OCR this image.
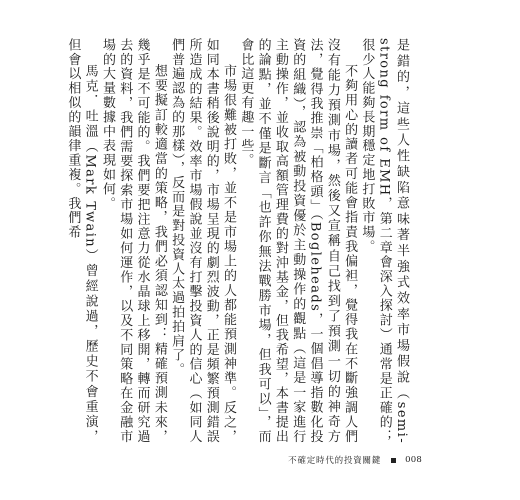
是錯的，這些人性缺陷意味著半強式效率市場假說（semi-strong form of EMH，第二章會深入探討）通常是正確的；很少人能夠長期穩定地打敗市場。

不夠用心的讀者可能會指責我偏袒，覺得我在不斷強調人們沒有能力預測市場，然後又宣稱自己找到了預測一切的神奇方法，覺得我推崇「柏格頭」（Bogleheads，一個倡導指數化投資的組織），認為被動投資優於主動操作的觀點（這是一家進行主動操作，並收取高額管理費的對沖基金，但我希望，本書提出的論點，並不僅是斷言「也許你無法戰勝市場，但我可以」，而會比這更有趣一些。

市場很難被打敗，並不是市場上的人都能預測神準。反之，如同本書稍後說明的，市場呈現的劇烈波動，正是頻繁預測錯誤所造成的結果。效率市場假說並沒有打擊投資人的信心（如同人們普遍認為的那樣），反而是對投資人太過拍拍肩了。

想要擬訂較適當的策略，我們必須認知到：精確預測未來，幾乎是不可能的。我們要把注意力從水晶球上移開，轉而研究過去的資料，我們需要探索市場如何運作，以及不同策略在金融市場的大量數據中表現如何。

馬克．吐溫（Mark Twain）曾經說過，歷史不會重演，但會以相似的韻律重複。我們希

不確定時代的投資關鍵	008
